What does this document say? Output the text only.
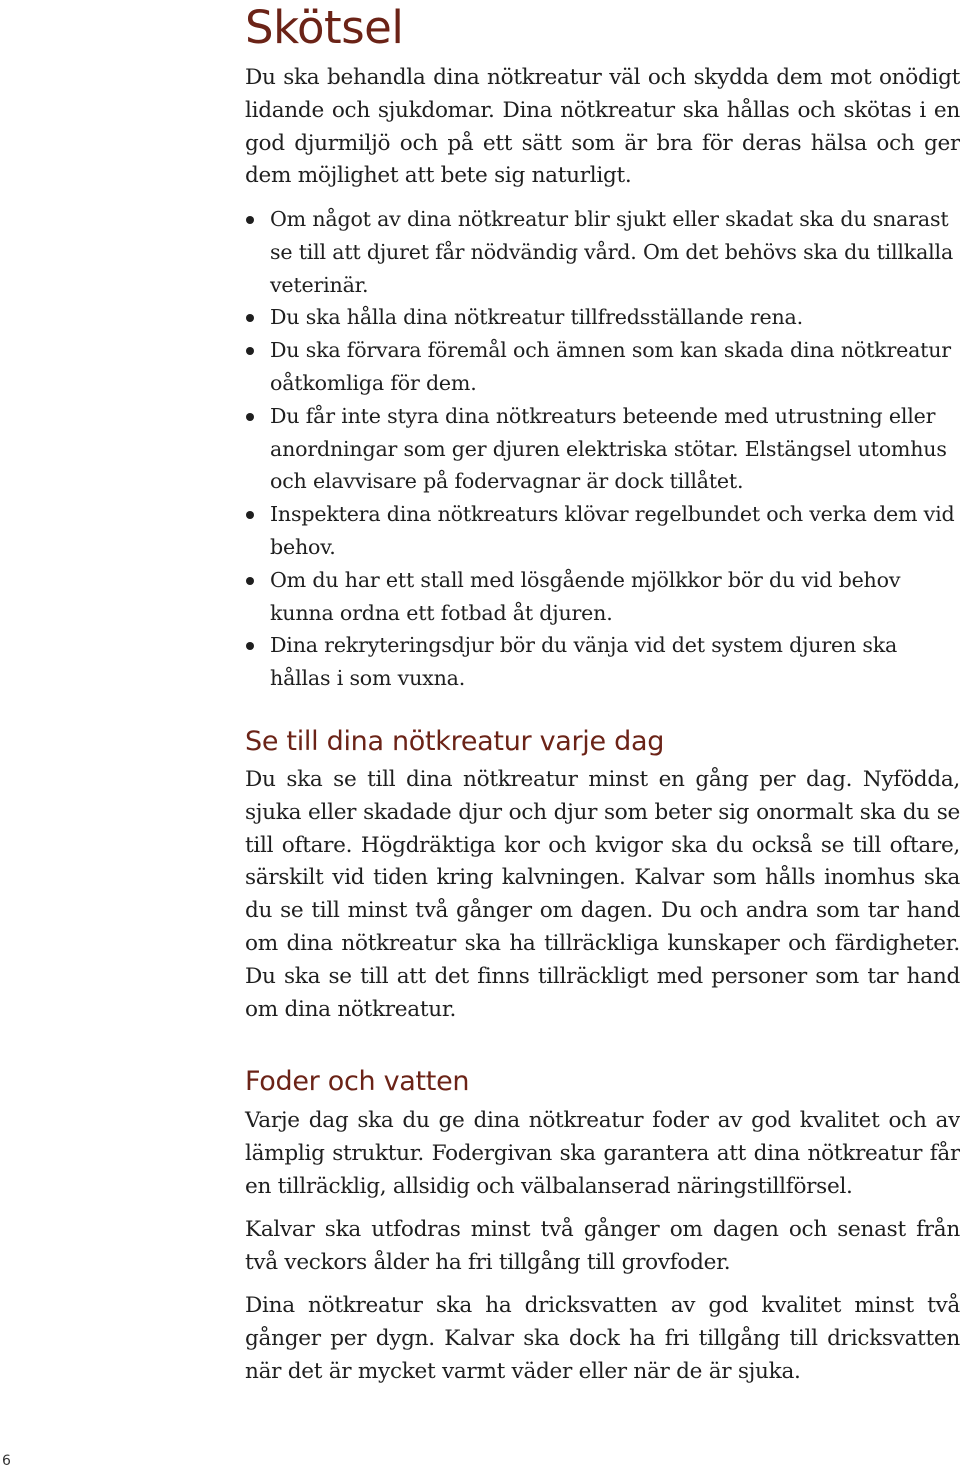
Skötsel

Du ska behandla dina nötkreatur väl och skydda dem mot onödigt lidande och sjukdomar. Dina nötkreatur ska hållas och skötas i en god djurmiljö och på ett sätt som är bra för deras hälsa och ger dem möjlighet att bete sig naturligt.

Om något av dina nötkreatur blir sjukt eller skadat ska du snarast se till att djuret får nödvändig vård. Om det behövs ska du tillkalla veterinär.
Du ska hålla dina nötkreatur tillfredsställande rena.
Du ska förvara föremål och ämnen som kan skada dina nötkreatur oåtkomliga för dem.
Du får inte styra dina nötkreaturs beteende med utrustning eller anordningar som ger djuren elektriska stötar. Elstängsel utomhus och elavvisare på fodervagnar är dock tillåtet.
Inspektera dina nötkreaturs klövar regelbundet och verka dem vid behov.
Om du har ett stall med lösgående mjölkkor bör du vid behov kunna ordna ett fotbad åt djuren.
Dina rekryteringsdjur bör du vänja vid det system djuren ska hållas i som vuxna.
Se till dina nötkreatur varje dag

Du ska se till dina nötkreatur minst en gång per dag. Nyfödda, sjuka eller skadade djur och djur som beter sig onormalt ska du se till oftare. Högdräktiga kor och kvigor ska du också se till oftare, särskilt vid tiden kring kalvningen. Kalvar som hålls inomhus ska du se till minst två gånger om dagen. Du och andra som tar hand om dina nötkreatur ska ha tillräckliga kunskaper och färdigheter. Du ska se till att det finns tillräckligt med personer som tar hand om dina nötkreatur.

Foder och vatten

Varje dag ska du ge dina nötkreatur foder av god kvalitet och av lämplig struktur. Fodergivan ska garantera att dina nötkreatur får en tillräcklig, allsidig och välbalanserad näringstillförsel.

Kalvar ska utfodras minst två gånger om dagen och senast från två veckors ålder ha fri tillgång till grovfoder.

Dina nötkreatur ska ha dricksvatten av god kvalitet minst två gånger per dygn. Kalvar ska dock ha fri tillgång till dricksvatten när det är mycket varmt väder eller när de är sjuka.

6
